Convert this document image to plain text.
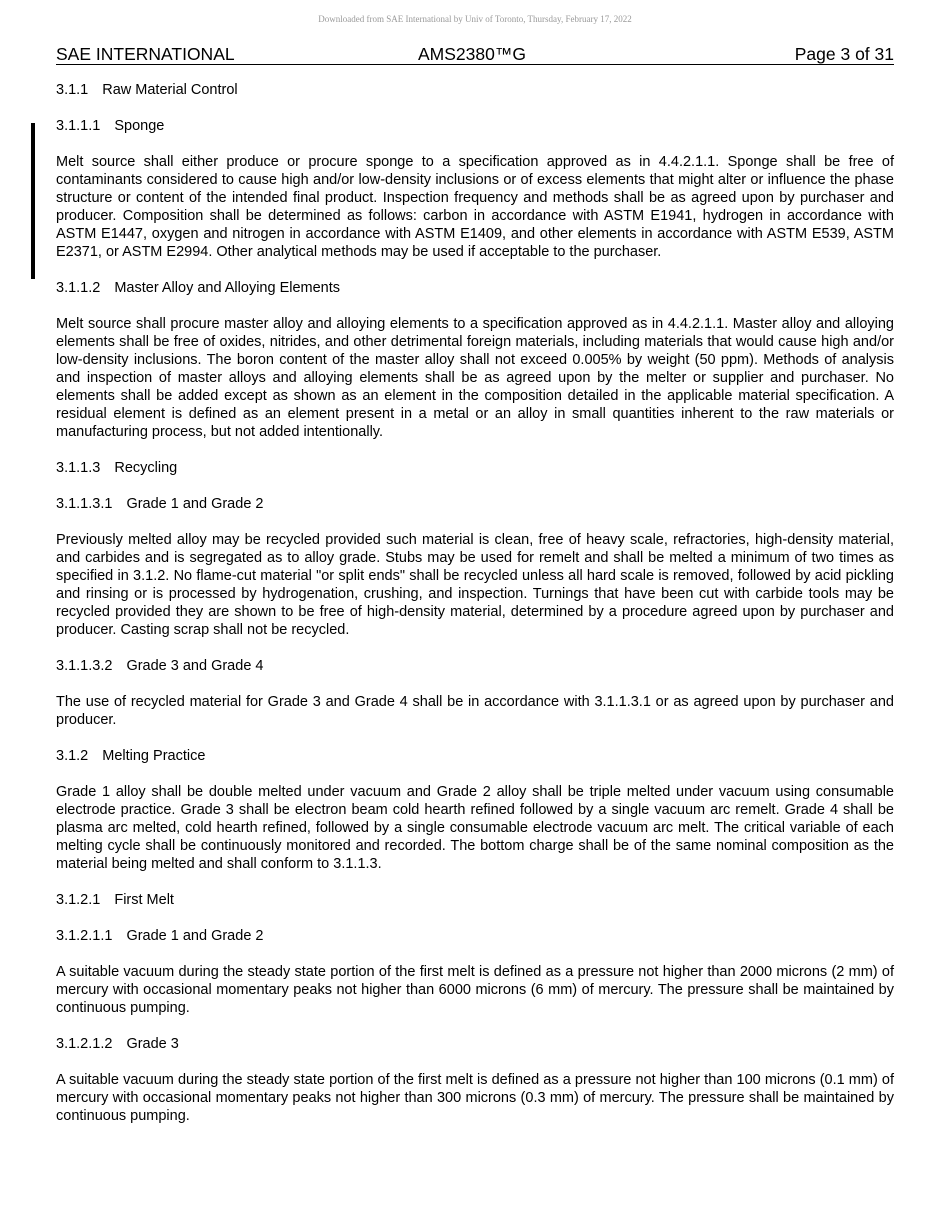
Downloaded from SAE International by Univ of Toronto, Thursday, February 17, 2022
SAE INTERNATIONAL	AMS2380™G	Page 3 of 31
3.1.1 Raw Material Control
3.1.1.1 Sponge

Melt source shall either produce or procure sponge to a specification approved as in 4.4.2.1.1. Sponge shall be free of contaminants considered to cause high and/or low-density inclusions or of excess elements that might alter or influence the phase structure or content of the intended final product. Inspection frequency and methods shall be as agreed upon by purchaser and producer. Composition shall be determined as follows: carbon in accordance with ASTM E1941, hydrogen in accordance with ASTM E1447, oxygen and nitrogen in accordance with ASTM E1409, and other elements in accordance with ASTM E539, ASTM E2371, or ASTM E2994. Other analytical methods may be used if acceptable to the purchaser.

3.1.1.2 Master Alloy and Alloying Elements

Melt source shall procure master alloy and alloying elements to a specification approved as in 4.4.2.1.1. Master alloy and alloying elements shall be free of oxides, nitrides, and other detrimental foreign materials, including materials that would cause high and/or low-density inclusions. The boron content of the master alloy shall not exceed 0.005% by weight (50 ppm). Methods of analysis and inspection of master alloys and alloying elements shall be as agreed upon by the melter or supplier and purchaser. No elements shall be added except as shown as an element in the composition detailed in the applicable material specification. A residual element is defined as an element present in a metal or an alloy in small quantities inherent to the raw materials or manufacturing process, but not added intentionally.

3.1.1.3 Recycling
3.1.1.3.1 Grade 1 and Grade 2

Previously melted alloy may be recycled provided such material is clean, free of heavy scale, refractories, high-density material, and carbides and is segregated as to alloy grade. Stubs may be used for remelt and shall be melted a minimum of two times as specified in 3.1.2. No flame-cut material "or split ends" shall be recycled unless all hard scale is removed, followed by acid pickling and rinsing or is processed by hydrogenation, crushing, and inspection. Turnings that have been cut with carbide tools may be recycled provided they are shown to be free of high-density material, determined by a procedure agreed upon by purchaser and producer. Casting scrap shall not be recycled.

3.1.1.3.2 Grade 3 and Grade 4

The use of recycled material for Grade 3 and Grade 4 shall be in accordance with 3.1.1.3.1 or as agreed upon by purchaser and producer.

3.1.2 Melting Practice

Grade 1 alloy shall be double melted under vacuum and Grade 2 alloy shall be triple melted under vacuum using consumable electrode practice. Grade 3 shall be electron beam cold hearth refined followed by a single vacuum arc remelt. Grade 4 shall be plasma arc melted, cold hearth refined, followed by a single consumable electrode vacuum arc melt. The critical variable of each melting cycle shall be continuously monitored and recorded. The bottom charge shall be of the same nominal composition as the material being melted and shall conform to 3.1.1.3.

3.1.2.1 First Melt
3.1.2.1.1 Grade 1 and Grade 2

A suitable vacuum during the steady state portion of the first melt is defined as a pressure not higher than 2000 microns (2 mm) of mercury with occasional momentary peaks not higher than 6000 microns (6 mm) of mercury. The pressure shall be maintained by continuous pumping.

3.1.2.1.2 Grade 3

A suitable vacuum during the steady state portion of the first melt is defined as a pressure not higher than 100 microns (0.1 mm) of mercury with occasional momentary peaks not higher than 300 microns (0.3 mm) of mercury. The pressure shall be maintained by continuous pumping.
